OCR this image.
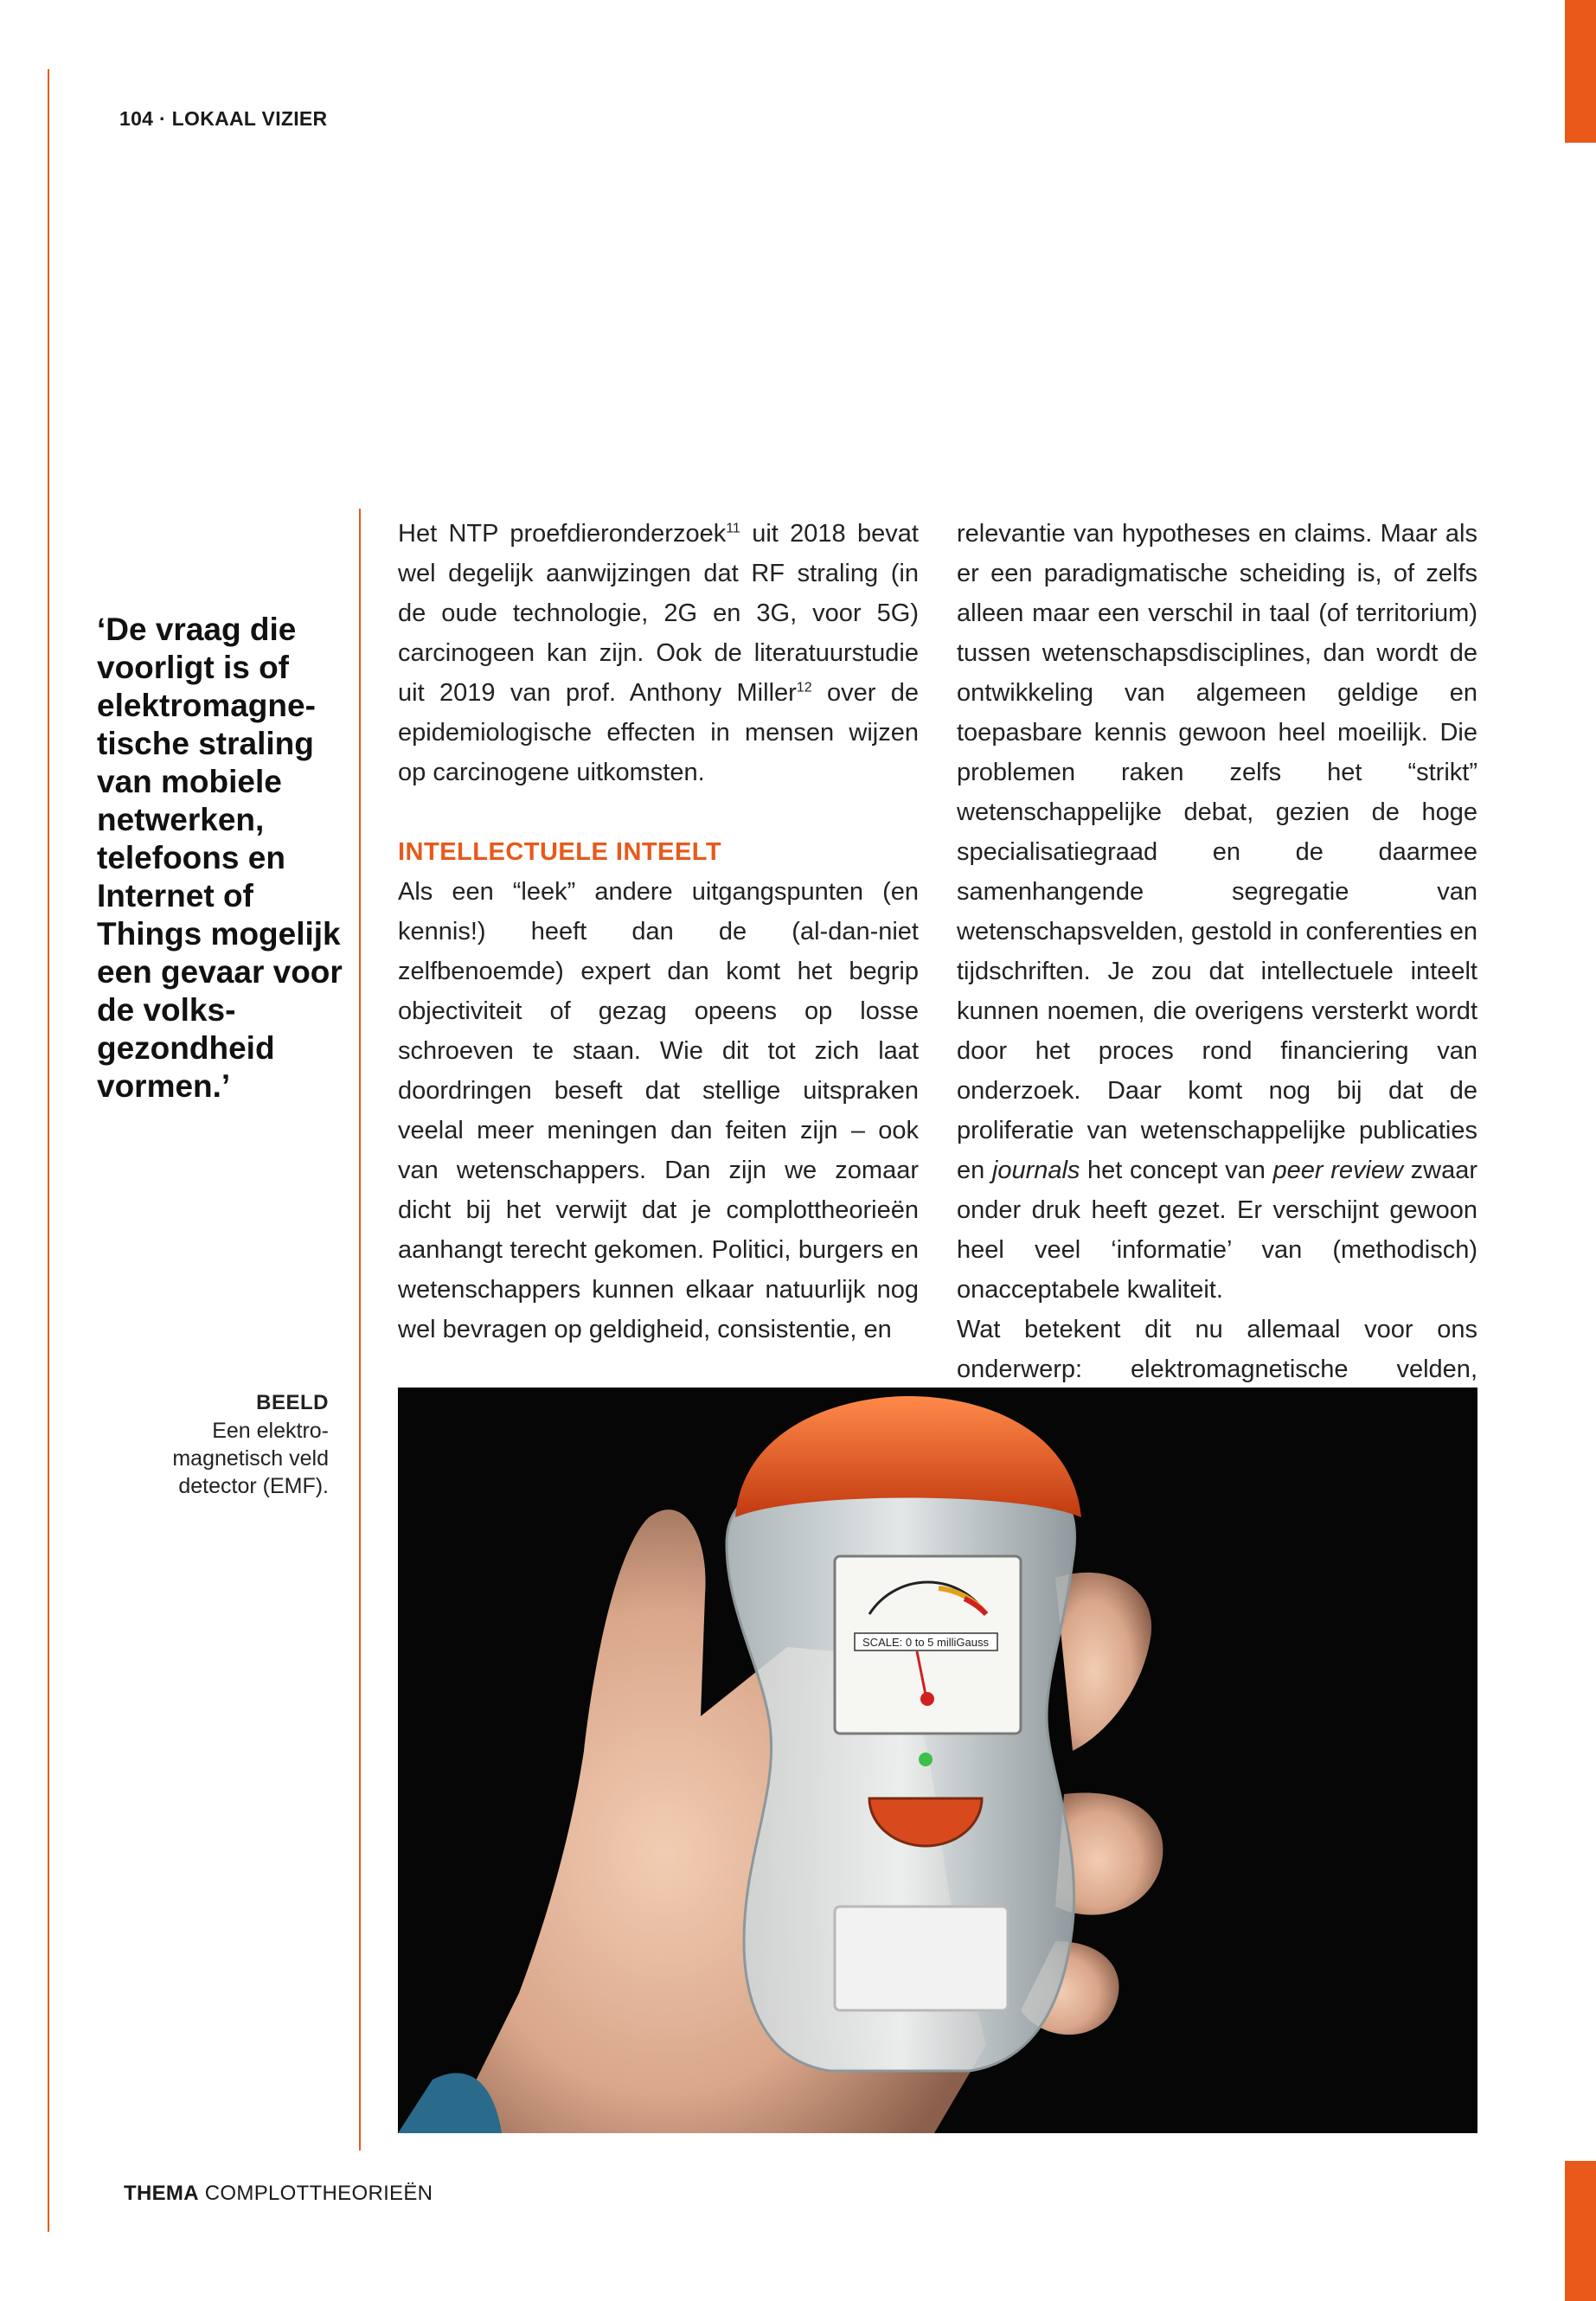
104 · LOKAAL VIZIER
‘De vraag die voorligt is of elektromagne-tische straling van mobiele netwerken, telefoons en Internet of Things mogelijk een gevaar voor de volks-gezondheid vormen.’

Het NTP proefdieronderzoek$^{11}$ uit 2018 bevat wel degelijk aanwijzingen dat RF straling (in de oude technologie, 2G en 3G, voor 5G) carcinogeen kan zijn. Ook de literatuurstudie uit 2019 van prof. Anthony Miller$^{12}$ over de epidemiologische effecten in mensen wijzen op carcinogene uitkomsten.

INTELLECTUELE INTEELT

Als een “leek” andere uitgangspunten (en kennis!) heeft dan de (al-dan-niet zelfbenoemde) expert dan komt het begrip objectiviteit of gezag opeens op losse schroeven te staan. Wie dit tot zich laat doordringen beseft dat stellige uitspraken veelal meer meningen dan feiten zijn – ook van wetenschappers. Dan zijn we zomaar dicht bij het verwijt dat je complottheorieën aanhangt terecht gekomen. Politici, burgers en wetenschappers kunnen elkaar natuurlijk nog wel bevragen op geldigheid, consistentie, en

relevantie van hypotheses en claims. Maar als er een paradigmatische scheiding is, of zelfs alleen maar een verschil in taal (of territorium) tussen wetenschapsdisciplines, dan wordt de ontwikkeling van algemeen geldige en toepasbare kennis gewoon heel moeilijk. Die problemen raken zelfs het “strikt” wetenschappelijke debat, gezien de hoge specialisatiegraad en de daarmee samenhangende segregatie van wetenschapsvelden, gestold in conferenties en tijdschriften. Je zou dat intellectuele inteelt kunnen noemen, die overigens versterkt wordt door het proces rond financiering van onderzoek. Daar komt nog bij dat de proliferatie van wetenschappelijke publicaties en journals het concept van peer review zwaar onder druk heeft gezet. Er verschijnt gewoon heel veel ‘informatie’ van (methodisch) onacceptabele kwaliteit.

Wat betekent dit nu allemaal voor ons onderwerp: elektromagnetische velden,

BEELD
Een elektro-
magnetisch veld
detector (EMF).
SCALE: 0 to 5 milliGauss
THEMA COMPLOTTHEORIEËN
